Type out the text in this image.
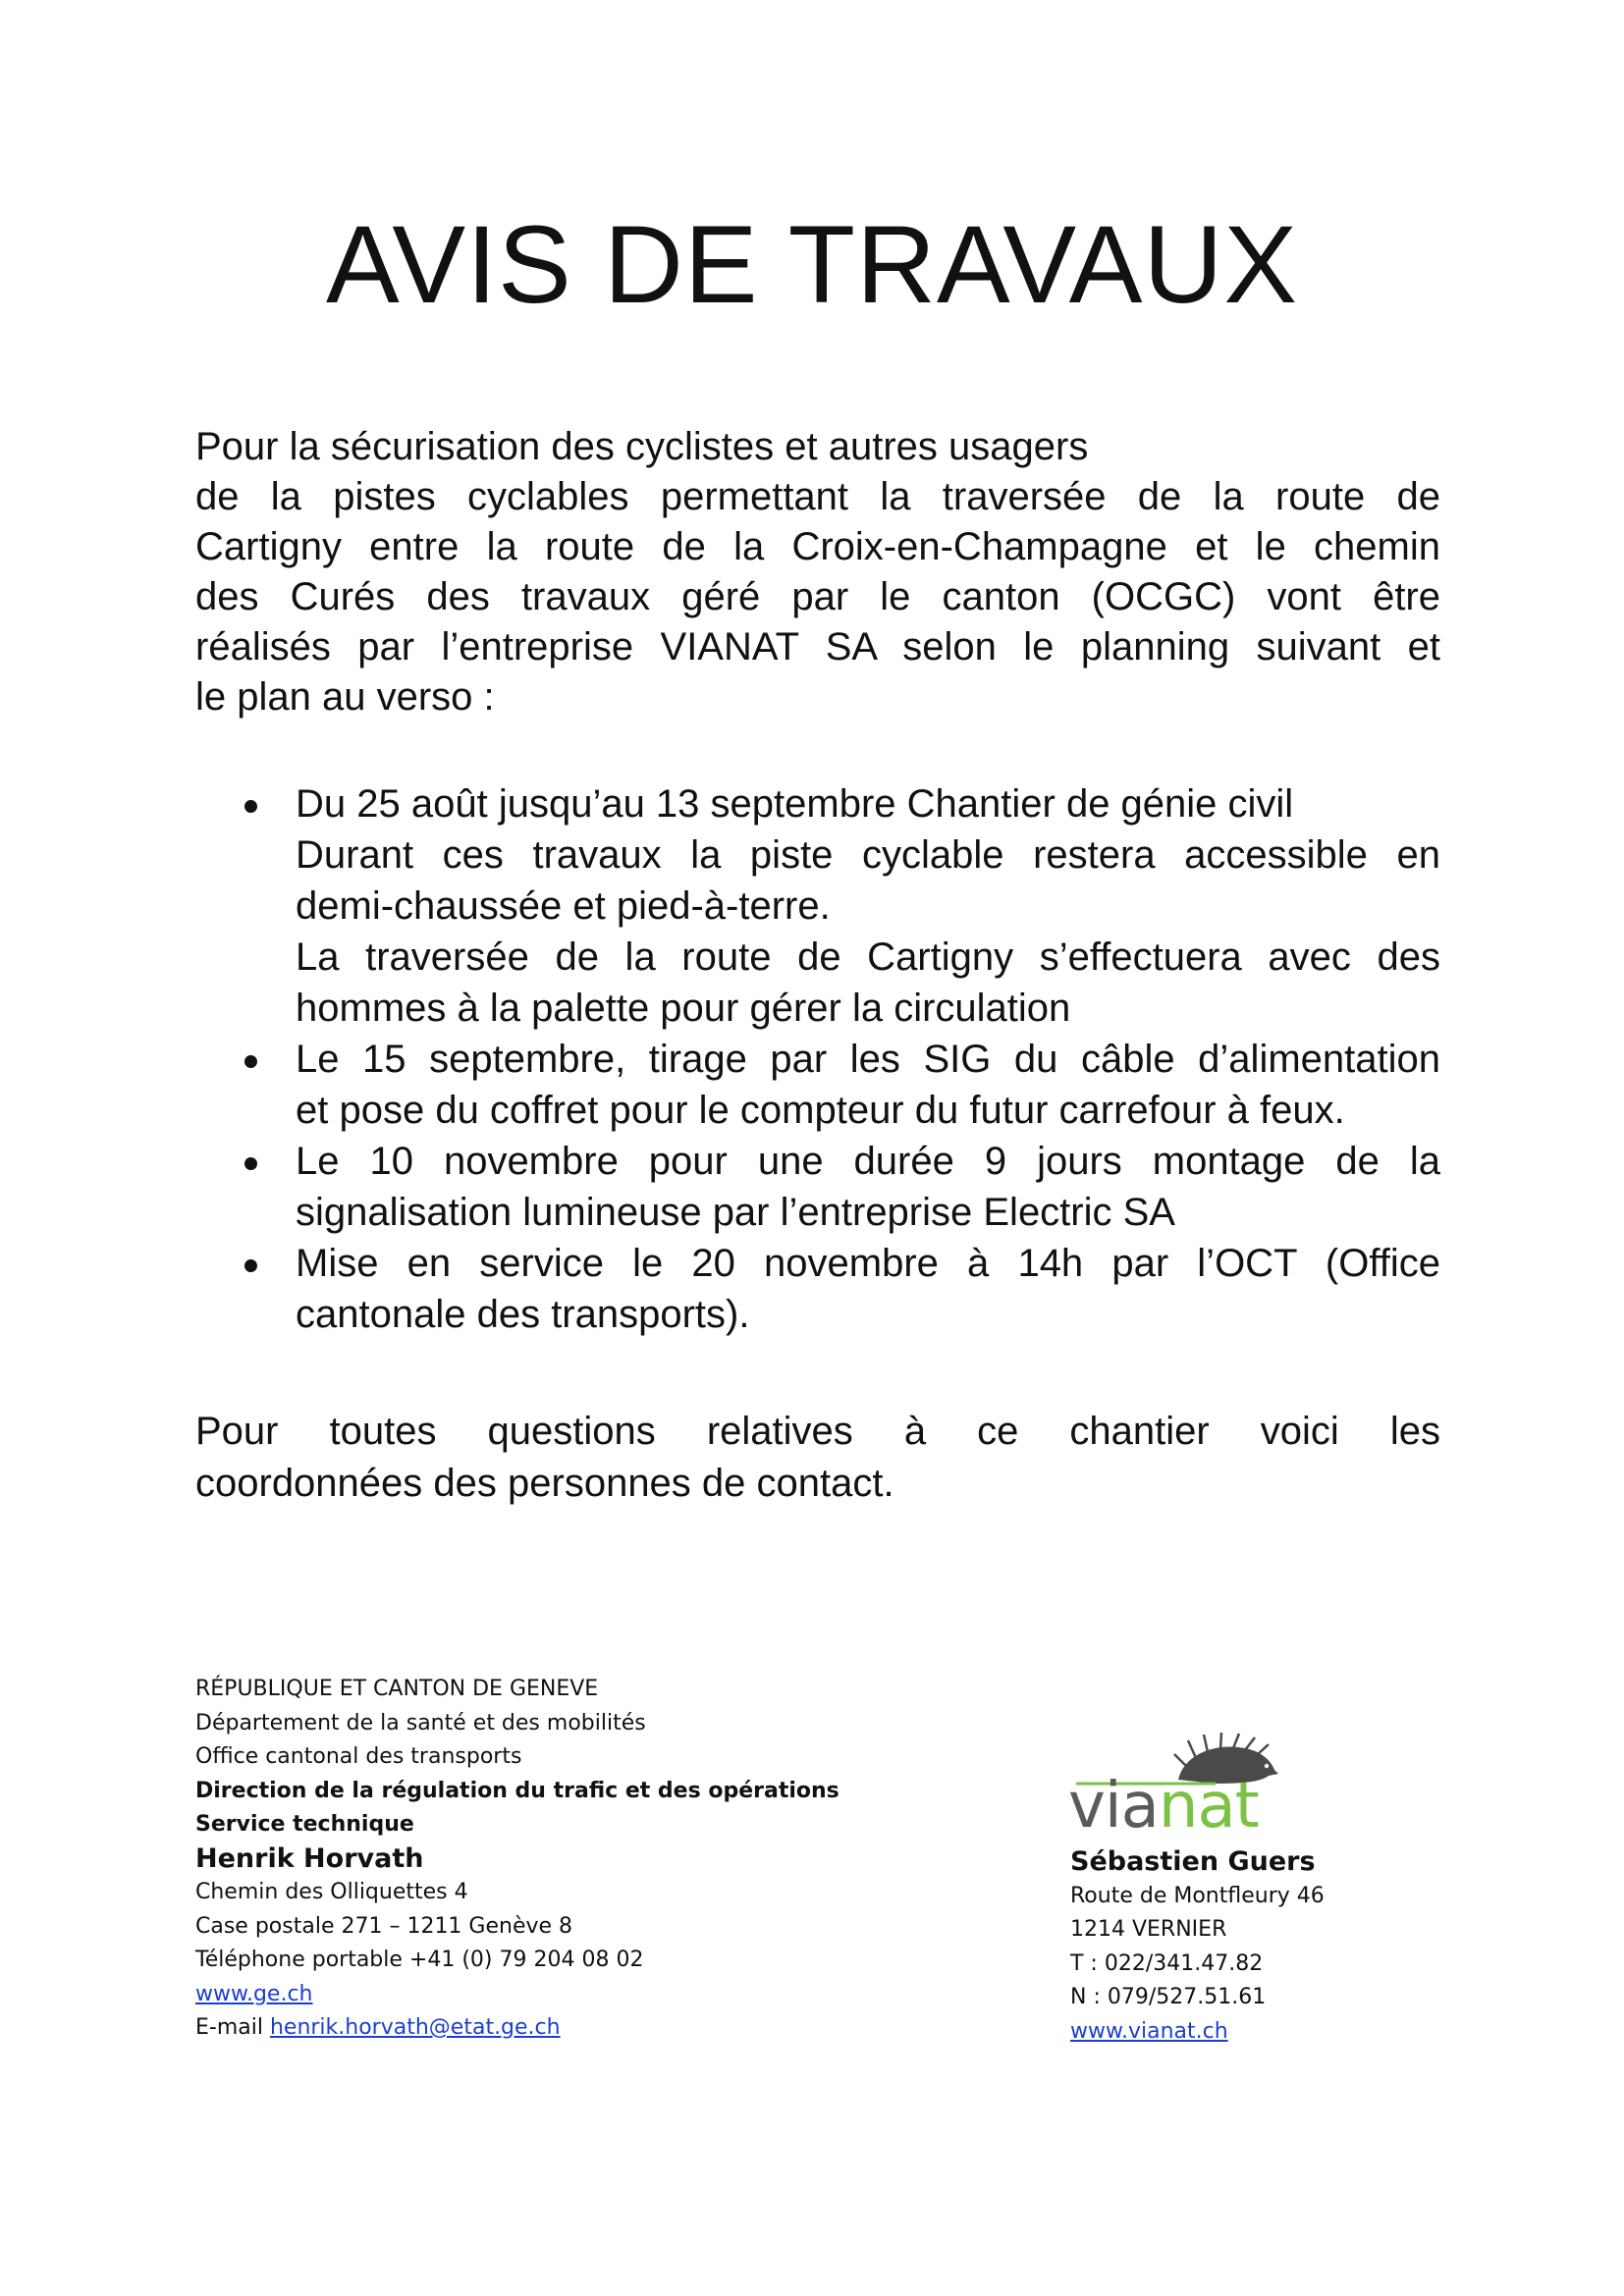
AVIS DE TRAVAUX

Pour la sécurisation des cyclistes et autres usagers
de la pistes cyclables permettant la traversée de la route de
Cartigny entre la route de la Croix-en-Champagne et le chemin
des Curés des travaux géré par le canton (OCGC) vont être
réalisés par l’entreprise VIANAT SA selon le planning suivant et
le plan au verso :

Du 25 août jusqu’au 13 septembre Chantier de génie civil
Durant ces travaux la piste cyclable restera accessible en
demi-chaussée et pied-à-terre.
La traversée de la route de Cartigny s’effectuera avec des
hommes à la palette pour gérer la circulation
Le 15 septembre, tirage par les SIG du câble d’alimentation
et pose du coffret pour le compteur du futur carrefour à feux.
Le 10 novembre pour une durée 9 jours montage de la
signalisation lumineuse par l’entreprise Electric SA
Mise en service le 20 novembre à 14h par l’OCT (Office
cantonale des transports).

Pour toutes questions relatives à ce chantier voici les
coordonnées des personnes de contact.

RÉPUBLIQUE ET CANTON DE GENEVE
Département de la santé et des mobilités
Office cantonal des transports
Direction de la régulation du trafic et des opérations
Service technique
Henrik Horvath
Chemin des Olliquettes 4
Case postale 271 – 1211 Genève 8
Téléphone portable +41 (0) 79 204 08 02
www.ge.ch
E-mail henrik.horvath@etat.ge.ch
vianat
Sébastien Guers
Route de Montfleury 46
1214 VERNIER
T : 022/341.47.82
N : 079/527.51.61
www.vianat.ch
